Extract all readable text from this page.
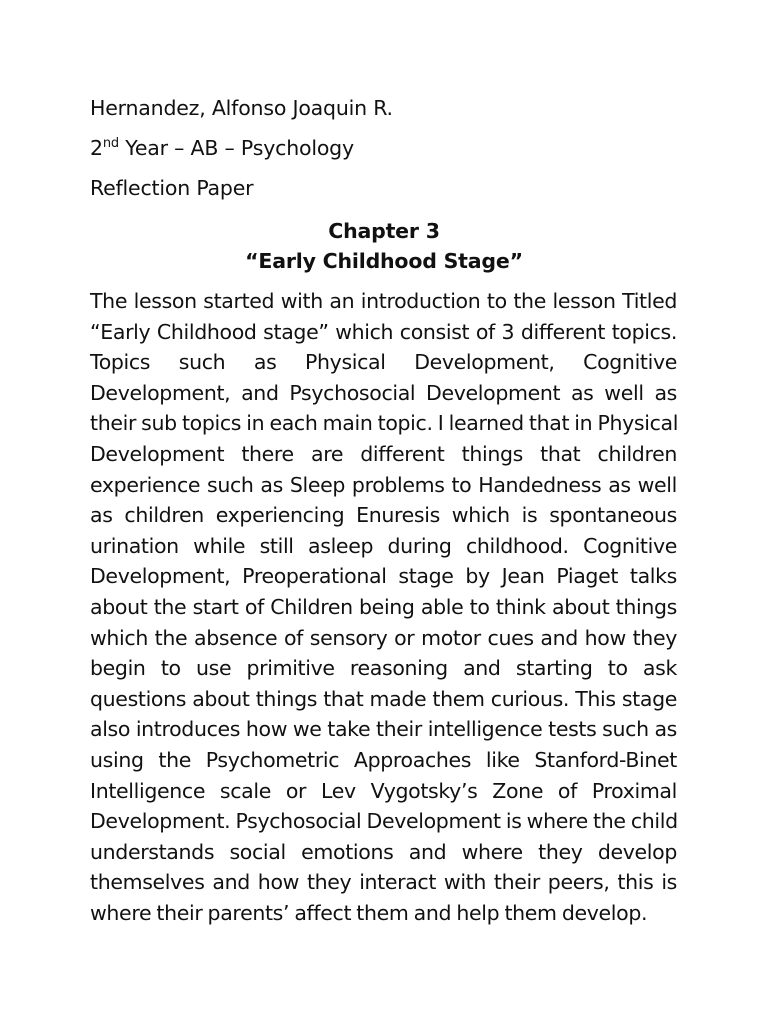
Hernandez, Alfonso Joaquin R.
2nd Year – AB – Psychology
Reflection Paper
Chapter 3
“Early Childhood Stage”
The lesson started with an introduction to the lesson Titled
“Early Childhood stage” which consist of 3 different topics.
Topics such as Physical Development, Cognitive
Development, and Psychosocial Development as well as
their sub topics in each main topic. I learned that in Physical
Development there are different things that children
experience such as Sleep problems to Handedness as well
as children experiencing Enuresis which is spontaneous
urination while still asleep during childhood. Cognitive
Development, Preoperational stage by Jean Piaget talks
about the start of Children being able to think about things
which the absence of sensory or motor cues and how they
begin to use primitive reasoning and starting to ask
questions about things that made them curious. This stage
also introduces how we take their intelligence tests such as
using the Psychometric Approaches like Stanford-Binet
Intelligence scale or Lev Vygotsky’s Zone of Proximal
Development. Psychosocial Development is where the child
understands social emotions and where they develop
themselves and how they interact with their peers, this is
where their parents’ affect them and help them develop.
